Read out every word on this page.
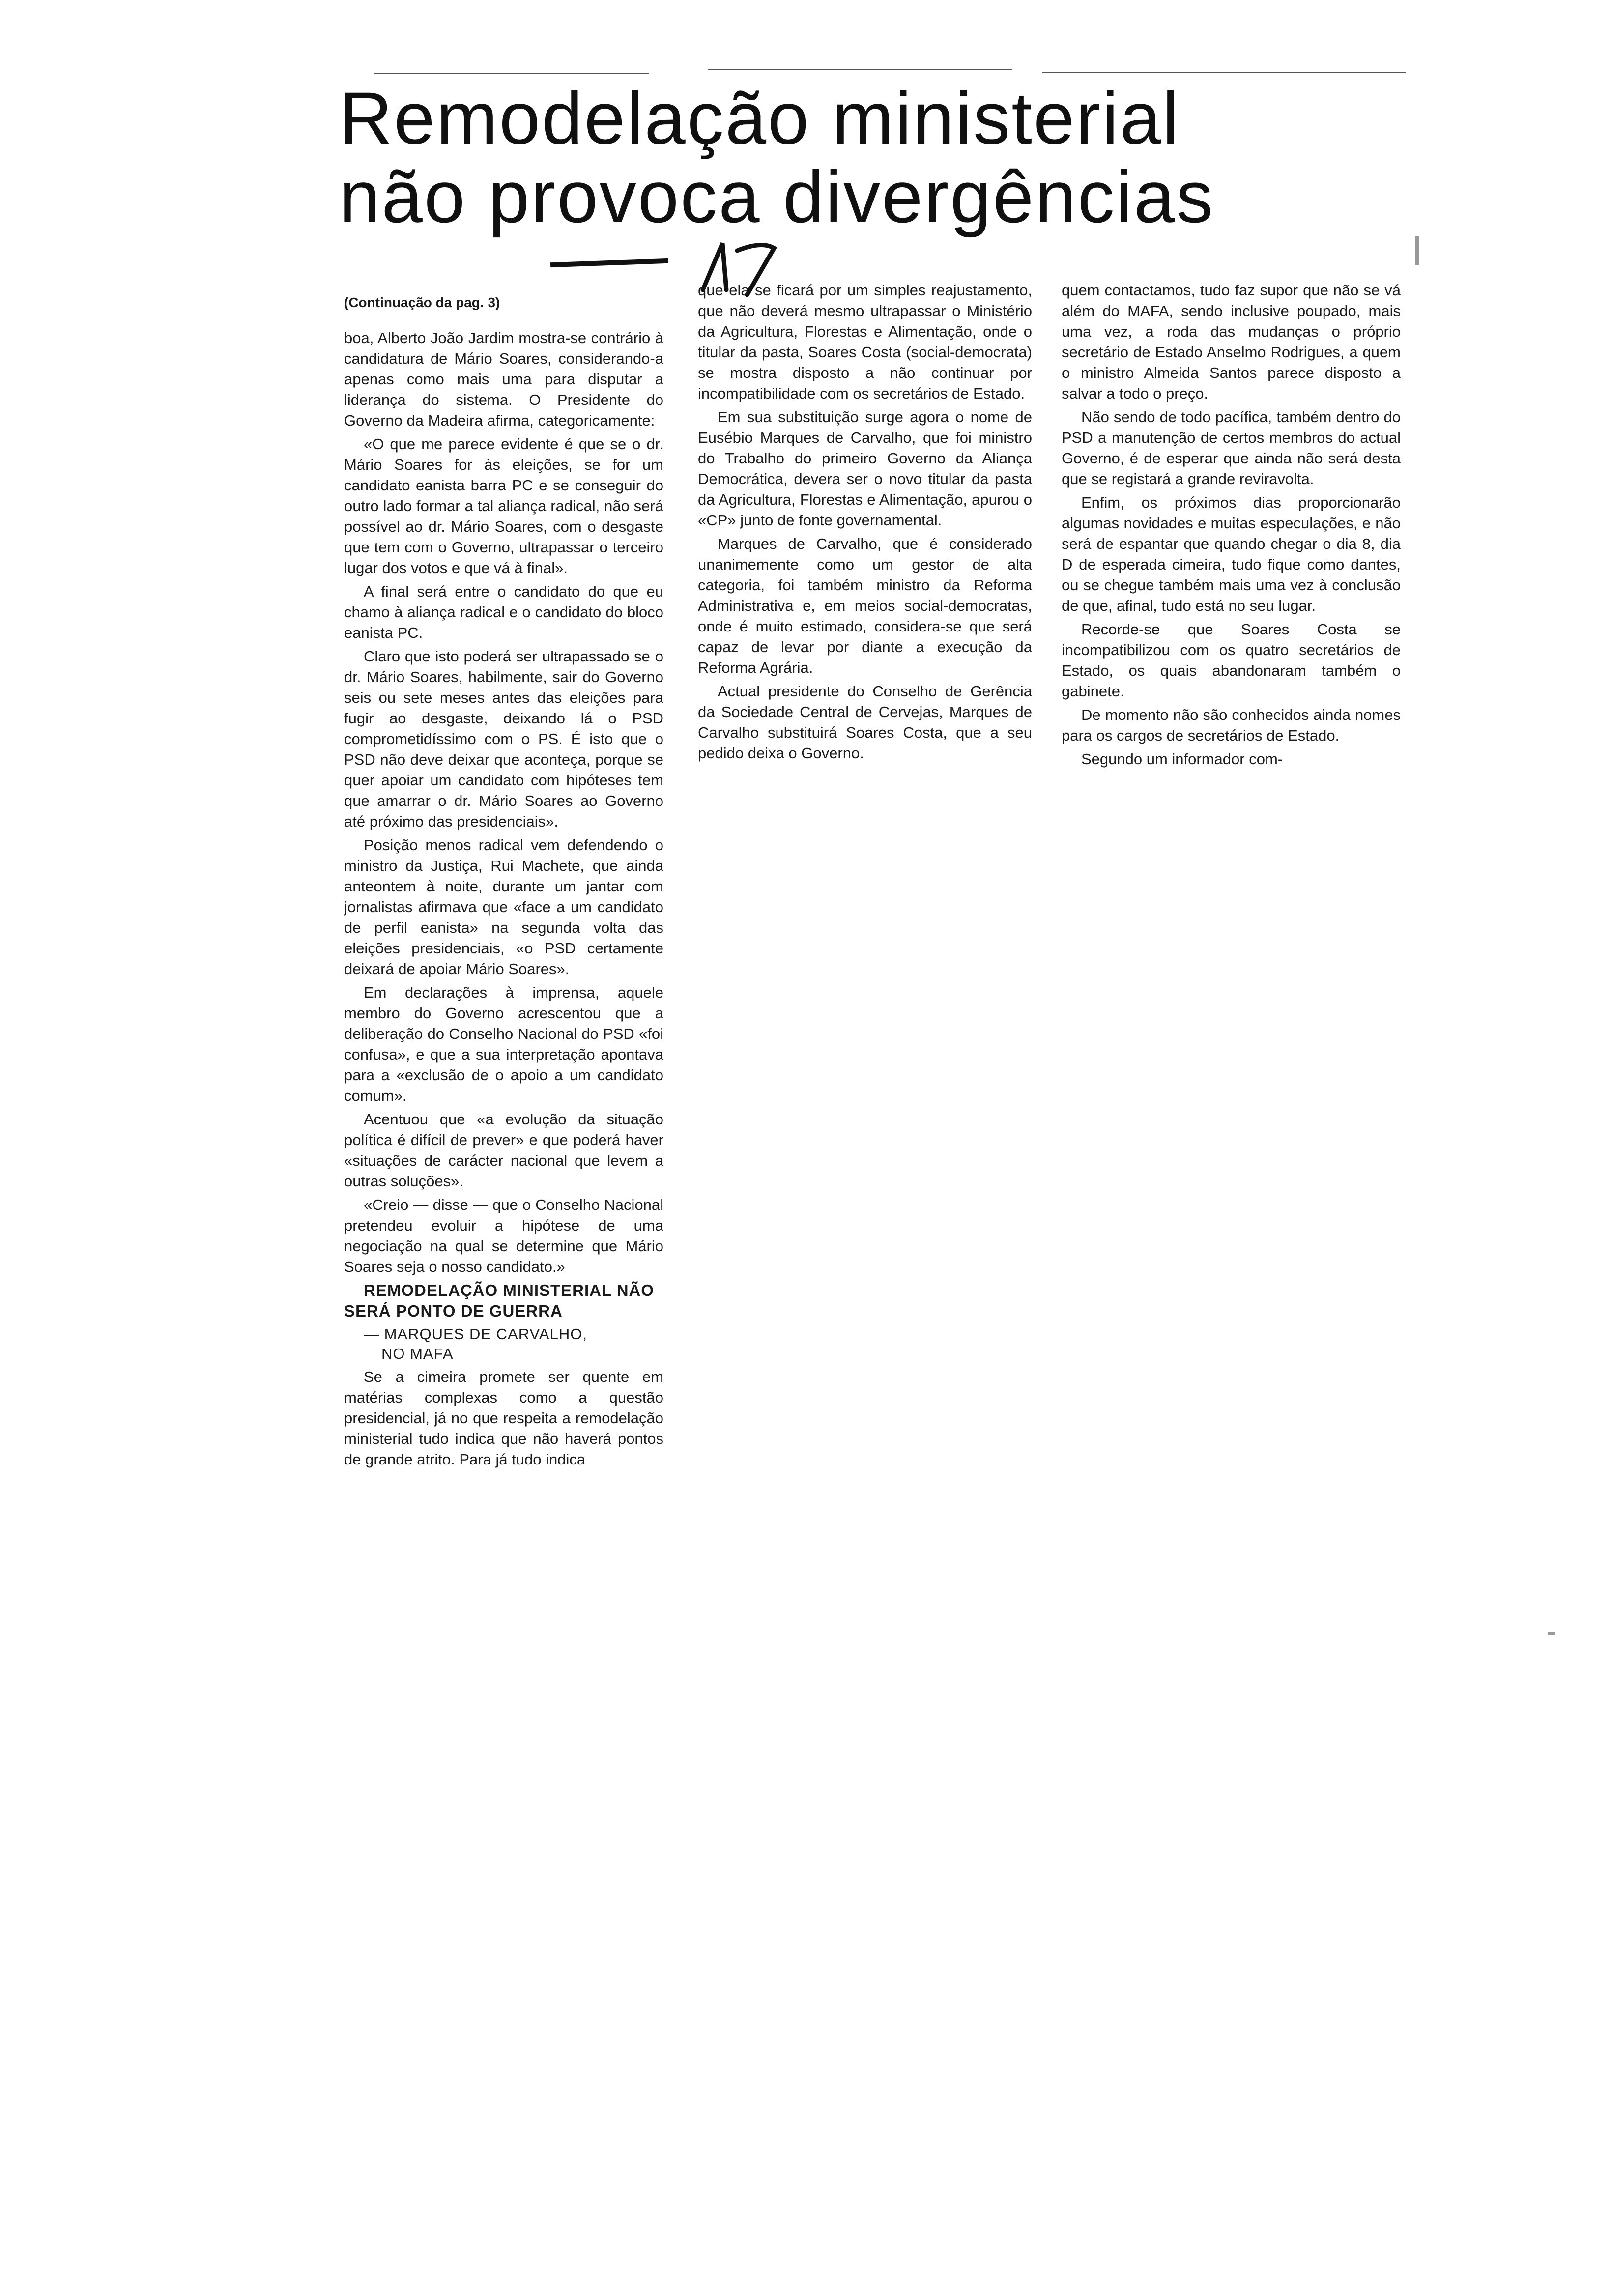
Remodelação ministerial
não provoca divergências

(Continuação da pag. 3)

boa, Alberto João Jardim mostra-se contrário à candidatura de Mário Soares, considerando-a apenas como mais uma para disputar a liderança do sistema. O Presidente do Governo da Madeira afirma, categoricamente:

«O que me parece evidente é que se o dr. Mário Soares for às eleições, se for um candidato eanista barra PC e se conseguir do outro lado formar a tal aliança radical, não será possível ao dr. Mário Soares, com o desgaste que tem com o Governo, ultrapassar o terceiro lugar dos votos e que vá à final».

A final será entre o candidato do que eu chamo à aliança radical e o candidato do bloco eanista PC.

Claro que isto poderá ser ultrapassado se o dr. Mário Soares, habilmente, sair do Governo seis ou sete meses antes das eleições para fugir ao desgaste, deixando lá o PSD comprometidíssimo com o PS. É isto que o PSD não deve deixar que aconteça, porque se quer apoiar um candidato com hipóteses tem que amarrar o dr. Mário Soares ao Governo até próximo das presidenciais».

Posição menos radical vem defendendo o ministro da Justiça, Rui Machete, que ainda anteontem à noite, durante um jantar com jornalistas afirmava que «face a um candidato de perfil eanista» na segunda volta das eleições presidenciais, «o PSD certamente deixará de apoiar Mário Soares».

Em declarações à imprensa, aquele membro do Governo acrescentou que a deliberação do Conselho Nacional do PSD «foi confusa», e que a sua interpretação apontava para a «exclusão de o apoio a um candidato comum».

Acentuou que «a evolução da situação política é difícil de prever» e que poderá haver «situações de carácter nacional que levem a outras soluções».

«Creio — disse — que o Conselho Nacional pretendeu evoluir a hipótese de uma negociação na qual se determine que Mário Soares seja o nosso candidato.»

REMODELAÇÃO MINISTERIAL NÃO SERÁ PONTO DE GUERRA

— MARQUES DE CARVALHO,
NO MAFA

Se a cimeira promete ser quente em matérias complexas como a questão presidencial, já no que respeita a remodelação ministerial tudo indica que não haverá pontos de grande atrito. Para já tudo indica

que ela se ficará por um simples reajustamento, que não deverá mesmo ultrapassar o Ministério da Agricultura, Florestas e Alimentação, onde o titular da pasta, Soares Costa (social-democrata) se mostra disposto a não continuar por incompatibilidade com os secretários de Estado.

Em sua substituição surge agora o nome de Eusébio Marques de Carvalho, que foi ministro do Trabalho do primeiro Governo da Aliança Democrática, devera ser o novo titular da pasta da Agricultura, Florestas e Alimentação, apurou o «CP» junto de fonte governamental.

Marques de Carvalho, que é considerado unanimemente como um gestor de alta categoria, foi também ministro da Reforma Administrativa e, em meios social-democratas, onde é muito estimado, considera-se que será capaz de levar por diante a execução da Reforma Agrária.

Actual presidente do Conselho de Gerência da Sociedade Central de Cervejas, Marques de Carvalho substituirá Soares Costa, que a seu pedido deixa o Governo.

quem contactamos, tudo faz supor que não se vá além do MAFA, sendo inclusive poupado, mais uma vez, a roda das mudanças o próprio secretário de Estado Anselmo Rodrigues, a quem o ministro Almeida Santos parece disposto a salvar a todo o preço.

Não sendo de todo pacífica, também dentro do PSD a manutenção de certos membros do actual Governo, é de esperar que ainda não será desta que se registará a grande reviravolta.

Enfim, os próximos dias proporcionarão algumas novidades e muitas especulações, e não será de espantar que quando chegar o dia 8, dia D de esperada cimeira, tudo fique como dantes, ou se chegue também mais uma vez à conclusão de que, afinal, tudo está no seu lugar.

Recorde-se que Soares Costa se incompatibilizou com os quatro secretários de Estado, os quais abandonaram também o gabinete.

De momento não são conhecidos ainda nomes para os cargos de secretários de Estado.

Segundo um informador com-
